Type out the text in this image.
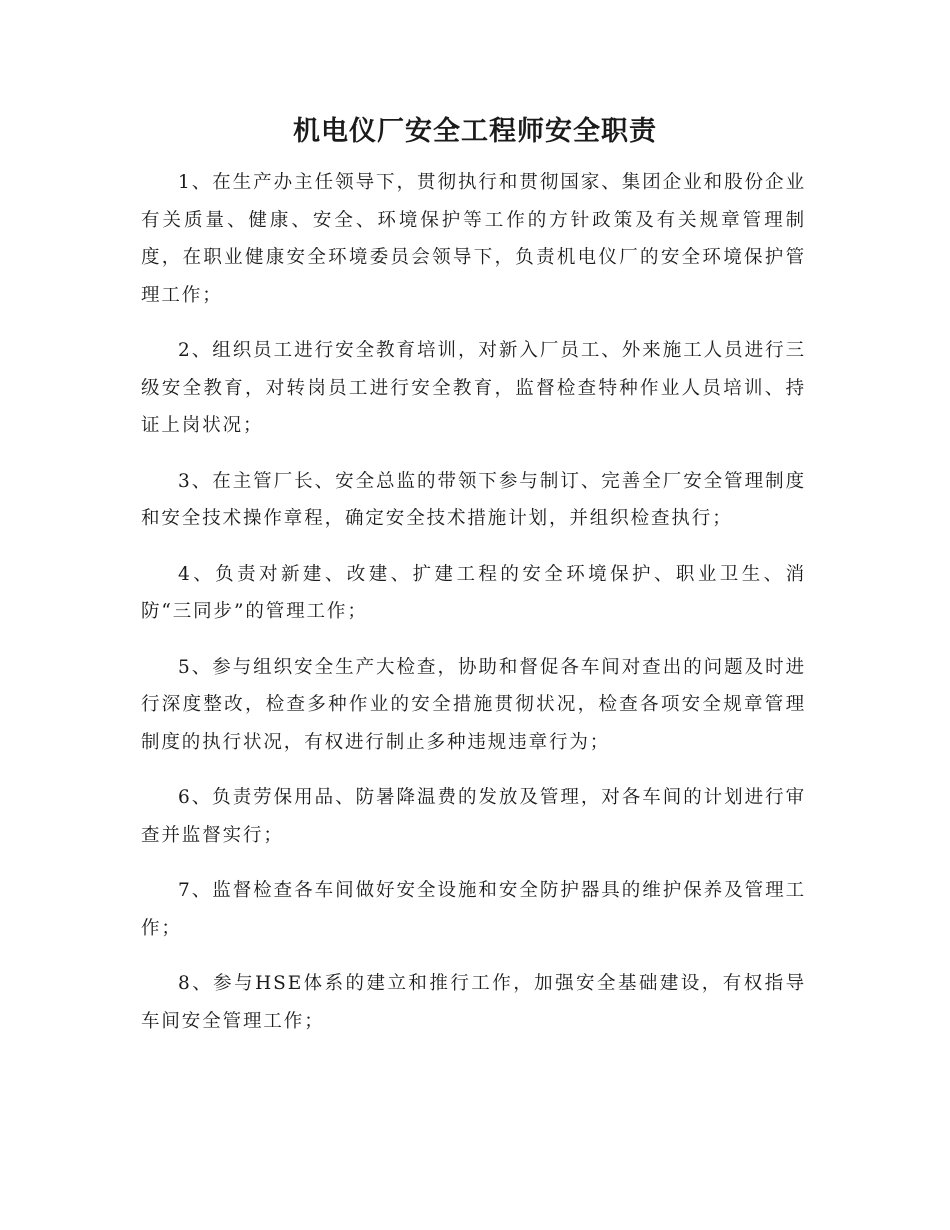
机电仪厂安全工程师安全职责

1、在生产办主任领导下，贯彻执行和贯彻国家、集团企业和股份企业有关质量、健康、安全、环境保护等工作的方针政策及有关规章管理制度，在职业健康安全环境委员会领导下，负责机电仪厂的安全环境保护管理工作；

2、组织员工进行安全教育培训，对新入厂员工、外来施工人员进行三级安全教育，对转岗员工进行安全教育，监督检查特种作业人员培训、持证上岗状况；

3、在主管厂长、安全总监的带领下参与制订、完善全厂安全管理制度和安全技术操作章程，确定安全技术措施计划，并组织检查执行；

4、负责对新建、改建、扩建工程的安全环境保护、职业卫生、消防“三同步”的管理工作；

5、参与组织安全生产大检查，协助和督促各车间对查出的问题及时进行深度整改，检查多种作业的安全措施贯彻状况，检查各项安全规章管理制度的执行状况，有权进行制止多种违规违章行为；

6、负责劳保用品、防暑降温费的发放及管理，对各车间的计划进行审查并监督实行；

7、监督检查各车间做好安全设施和安全防护器具的维护保养及管理工作；

8、参与HSE体系的建立和推行工作，加强安全基础建设，有权指导车间安全管理工作；
